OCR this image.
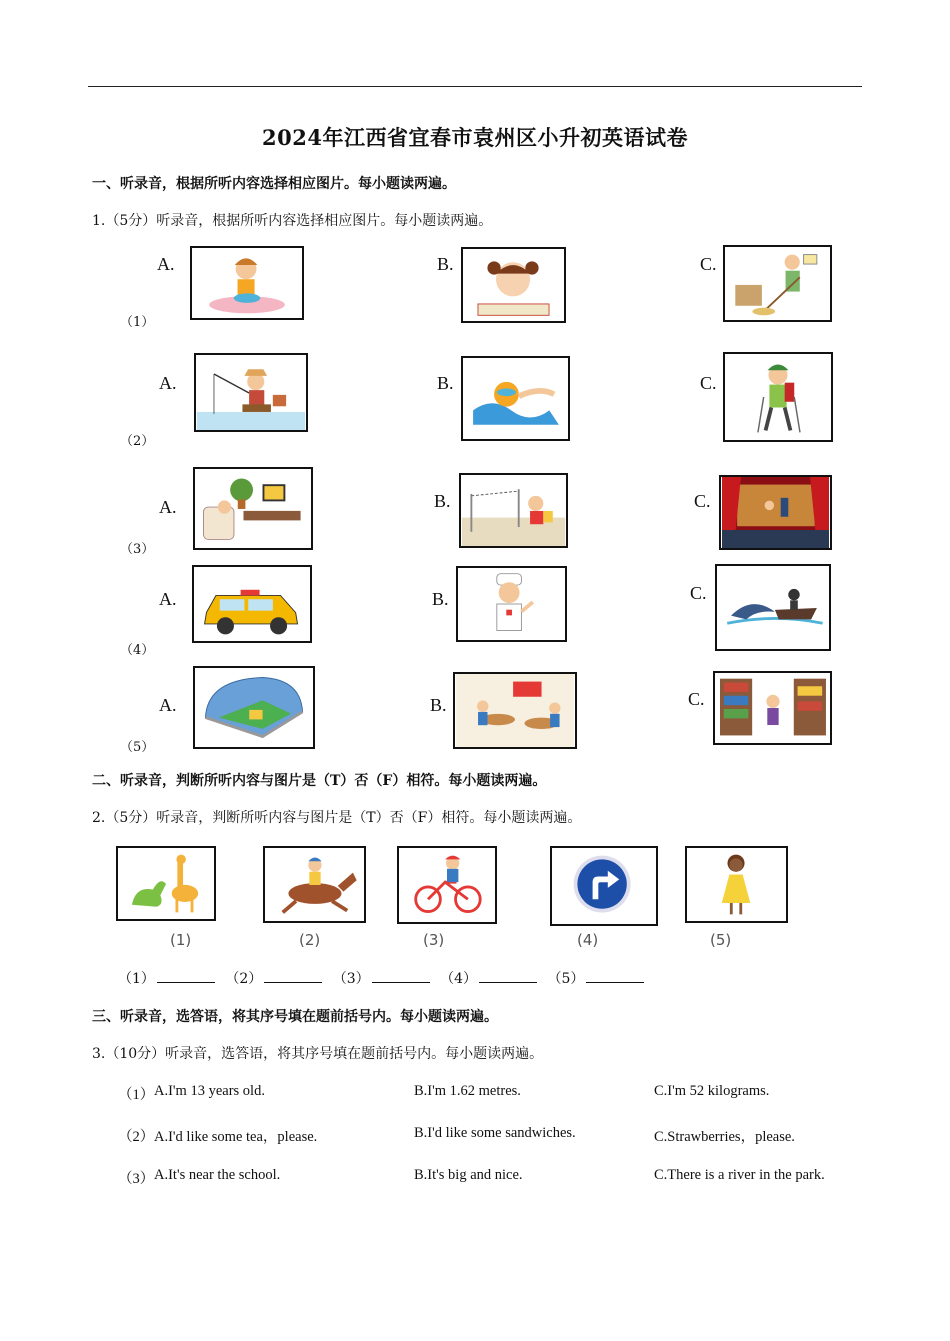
2024年江西省宜春市袁州区小升初英语试卷
一、听录音，根据所听内容选择相应图片。每小题读两遍。
1.（5分）听录音，根据所听内容选择相应图片。每小题读两遍。
（1）
A.	B.	C.
（2）
A.	B.	C.
（3）
A.	B.	C.
（4）
A.	B.	C.
（5）
A.	B.	C.
二、听录音，判断所听内容与图片是（T）否（F）相符。每小题读两遍。
2.（5分）听录音，判断所听内容与图片是（T）否（F）相符。每小题读两遍。
(1)	(2)	(3)	(4)	(5)
（1）	（2）	（3）	（4）	（5）
三、听录音，选答语，将其序号填在题前括号内。每小题读两遍。
3.（10分）听录音，选答语，将其序号填在题前括号内。每小题读两遍。
（1） A.I'm 13 years old.	B.I'm 1.62 metres.	C.I'm 52 kilograms.
（2） A.I'd like some tea，please.	B.I'd like some sandwiches.	C.Strawberries，please.
（3） A.It's near the school.	B.It's big and nice.	C.There is a river in the park.
